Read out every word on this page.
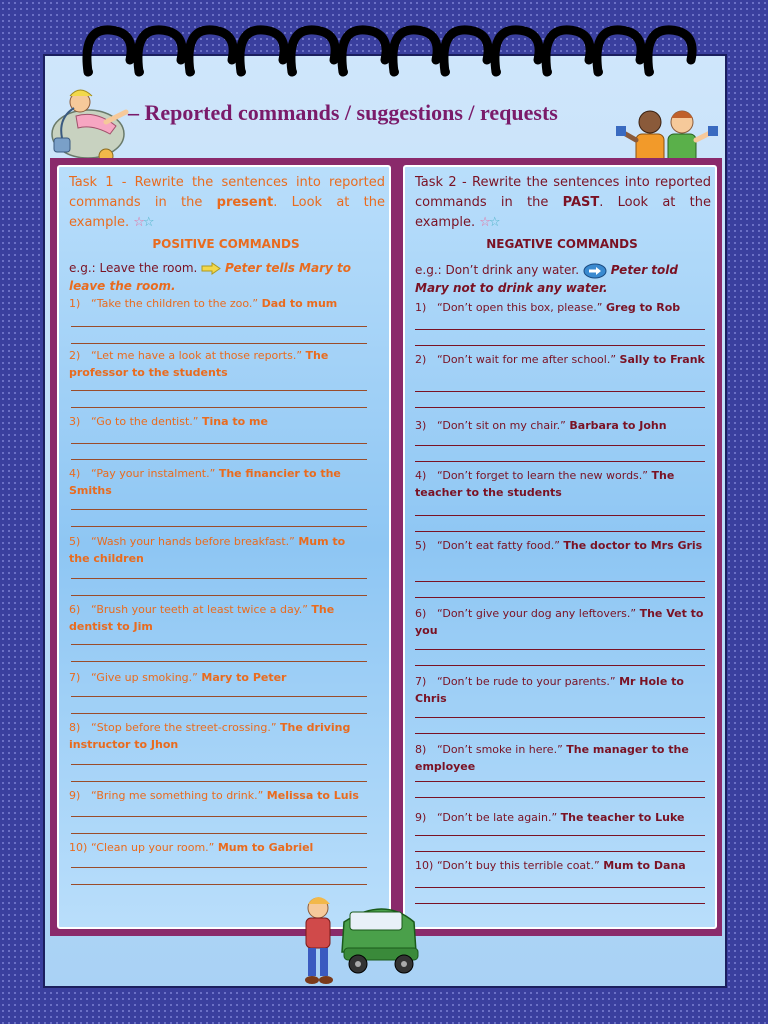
– Reported commands / suggestions / requests
Task 1 - Rewrite the sentences into reported commands in the present. Look at the example. ☆☆
POSITIVE COMMANDS
e.g.: Leave the room. Peter tells Mary to leave the room.
1) “Take the children to the zoo.” Dad to mum
2) “Let me have a look at those reports.” The professor to the students
3) “Go to the dentist.” Tina to me
4) “Pay your instalment.” The financier to the Smiths
5) “Wash your hands before breakfast.” Mum to the children
6) “Brush your teeth at least twice a day.” The dentist to Jim
7) “Give up smoking.” Mary to Peter
8) “Stop before the street-crossing.” The driving instructor to Jhon
9) “Bring me something to drink.” Melissa to Luis
10) “Clean up your room.” Mum to Gabriel
Task 2 - Rewrite the sentences into reported commands in the PAST. Look at the example. ☆☆
NEGATIVE COMMANDS
e.g.: Don’t drink any water.	Peter told Mary not to drink any water.
1) “Don’t open this box, please.” Greg to Rob
2) “Don’t wait for me after school.” Sally to Frank
3) “Don’t sit on my chair.” Barbara to John
4) “Don’t forget to learn the new words.” The teacher to the students
5) “Don’t eat fatty food.” The doctor to Mrs Gris
6) “Don’t give your dog any leftovers.” The Vet to you
7) “Don’t be rude to your parents.” Mr Hole to Chris
8) “Don’t smoke in here.” The manager to the employee
9) “Don’t be late again.” The teacher to Luke
10) “Don’t buy this terrible coat.” Mum to Dana
